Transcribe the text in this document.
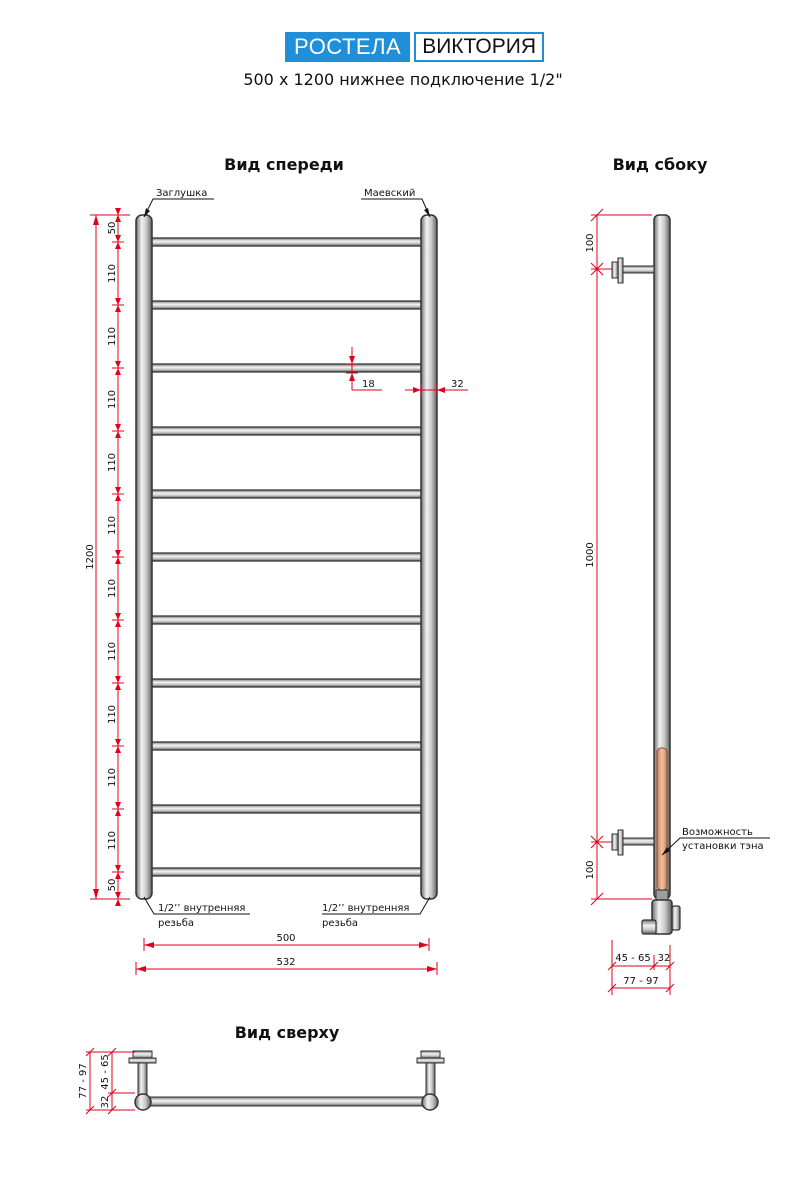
РОСТЕЛА	ВИКТОРИЯ
500 x 1200 нижнее подключение 1/2"
Вид спереди	Вид сбоку
Вид сверху
Заглушка	Маевский
1/2’’ внутренняя
резьба
1/2’’ внутренняя
резьба
1200
50
50
110
110
110
110
110
110
110
110
110
110
18	32
500
532
Возможность
установки тэна
100
1000
100
45 - 65 32
77 - 97
77 - 97 45 - 65
32
